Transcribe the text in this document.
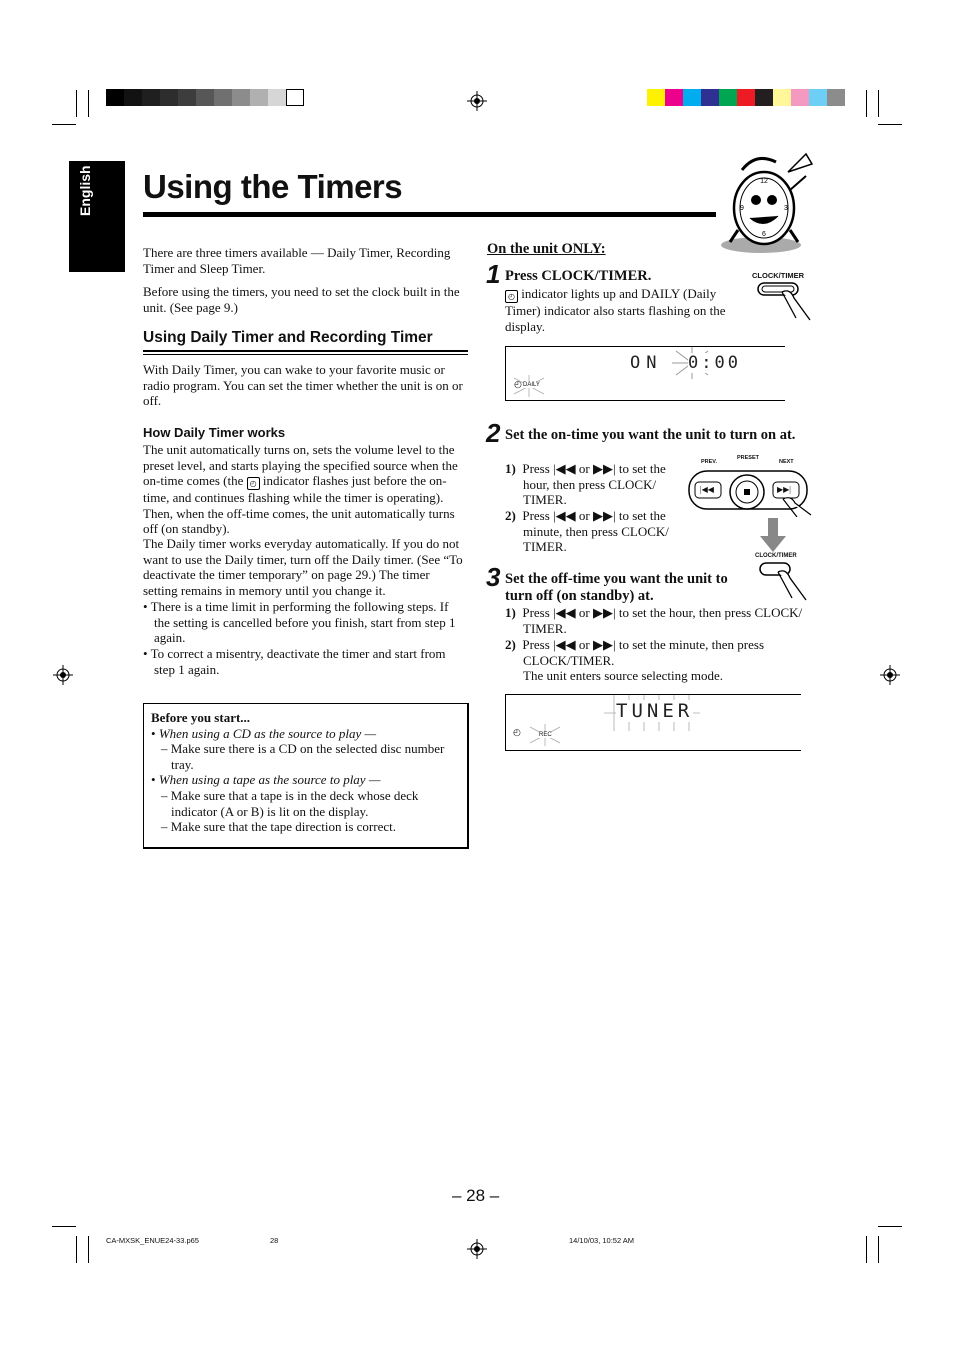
English Using the Timers	12
3
6
9

There are three timers available — Daily Timer, Recording Timer and Sleep Timer.

Before using the timers, you need to set the clock built in the unit. (See page 9.)

Using Daily Timer and Recording Timer

With Daily Timer, you can wake to your favorite music or radio program. You can set the timer whether the unit is on or off.

How Daily Timer works

The unit automatically turns on, sets the volume level to the preset level, and starts playing the specified source when the on-time comes (the ◴ indicator flashes just before the on-time, and continues flashing while the timer is operating). Then, when the off-time comes, the unit automatically turns off (on standby).

The Daily timer works everyday automatically. If you do not want to use the Daily timer, turn off the Daily timer. (See “To deactivate the timer temporary” on page 29.) The timer setting remains in memory until you change it.

• There is a time limit in performing the following steps. If the setting is cancelled before you finish, start from step 1 again.

• To correct a misentry, deactivate the timer and start from step 1 again.

Before you start...

• When using a CD as the source to play —

– Make sure there is a CD on the selected disc number tray.

• When using a tape as the source to play —

– Make sure that a tape is in the deck whose deck indicator (A or B) is lit on the display.

– Make sure that the tape direction is correct.

On the unit ONLY:
1 Press CLOCK/TIMER.

◴ indicator lights up and DAILY (Daily Timer) indicator also starts flashing on the display.

CLOCK/TIMER
ON 0:00
◴ DAILY
2 Set the on-time you want the unit to turn on at.

1) Press |◀◀ or ▶▶| to set the hour, then press CLOCK/ TIMER.

2) Press |◀◀ or ▶▶| to set the minute, then press CLOCK/ TIMER.

PREV.
PRESET
NEXT
|◀◀	▶▶|
CLOCK/TIMER
3 Set the off-time you want the unit to turn off (on standby) at.

1) Press |◀◀ or ▶▶| to set the hour, then press CLOCK/ TIMER.

2) Press |◀◀ or ▶▶| to set the minute, then press CLOCK/TIMER.

The unit enters source selecting mode.

TUNER
◴	REC
– 28 –
CA-MXSK_ENUE24-33.p65	28	14/10/03, 10:52 AM
